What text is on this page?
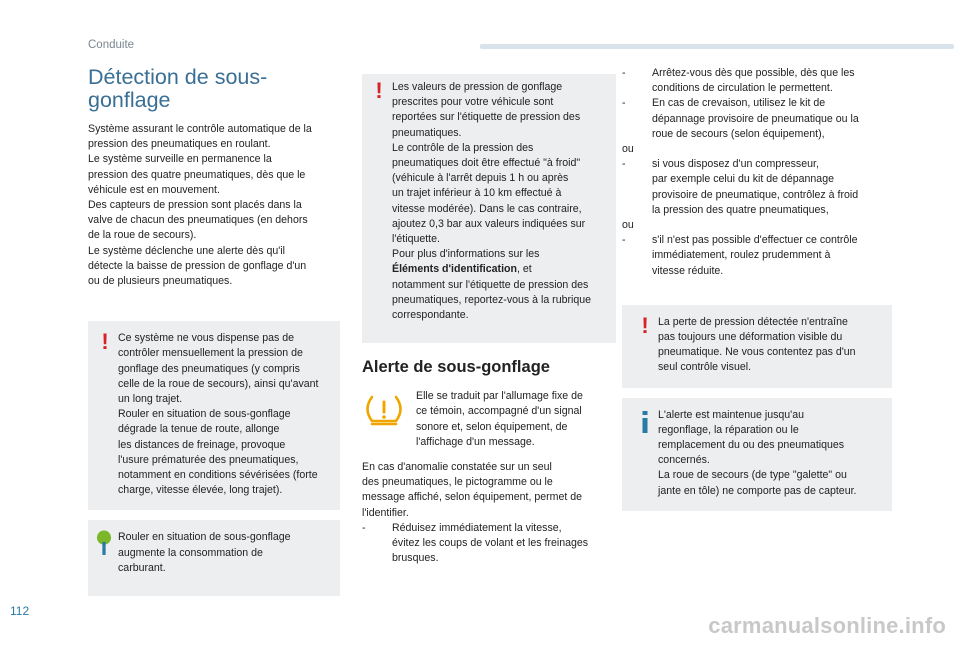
Conduite
Détection de sous-
gonflage
Système assurant le contrôle automatique de la
pression des pneumatiques en roulant.
Le système surveille en permanence la
pression des quatre pneumatiques, dès que le
véhicule est en mouvement.
Des capteurs de pression sont placés dans la
valve de chacun des pneumatiques (en dehors
de la roue de secours).
Le système déclenche une alerte dès qu'il
détecte la baisse de pression de gonflage d'un
ou de plusieurs pneumatiques.
! Ce système ne vous dispense pas de
contrôler mensuellement la pression de
gonflage des pneumatiques (y compris
celle de la roue de secours), ainsi qu'avant
un long trajet.
Rouler en situation de sous-gonflage
dégrade la tenue de route, allonge
les distances de freinage, provoque
l'usure prématurée des pneumatiques,
notamment en conditions sévérisées (forte
charge, vitesse élevée, long trajet).
Rouler en situation de sous-gonflage
augmente la consommation de
carburant.
! Les valeurs de pression de gonflage
prescrites pour votre véhicule sont
reportées sur l'étiquette de pression des
pneumatiques.
Le contrôle de la pression des
pneumatiques doit être effectué "à froid"
(véhicule à l'arrêt depuis 1 h ou après
un trajet inférieur à 10 km effectué à
vitesse modérée). Dans le cas contraire,
ajoutez 0,3 bar aux valeurs indiquées sur
l'étiquette.
Pour plus d'informations sur les
Éléments d'identification, et
notamment sur l'étiquette de pression des
pneumatiques, reportez-vous à la rubrique
correspondante.
Alerte de sous-gonflage
Elle se traduit par l'allumage fixe de
ce témoin, accompagné d'un signal
sonore et, selon équipement, de
l'affichage d'un message.
En cas d'anomalie constatée sur un seul
des pneumatiques, le pictogramme ou le
message affiché, selon équipement, permet de
l'identifier.
- Réduisez immédiatement la vitesse,
évitez les coups de volant et les freinages
brusques.
- Arrêtez-vous dès que possible, dès que les
conditions de circulation le permettent.
- En cas de crevaison, utilisez le kit de
dépannage provisoire de pneumatique ou la
roue de secours (selon équipement),
ou
- si vous disposez d'un compresseur,
par exemple celui du kit de dépannage
provisoire de pneumatique, contrôlez à froid
la pression des quatre pneumatiques,
ou
- s'il n'est pas possible d'effectuer ce contrôle
immédiatement, roulez prudemment à
vitesse réduite.
! La perte de pression détectée n'entraîne
pas toujours une déformation visible du
pneumatique. Ne vous contentez pas d'un
seul contrôle visuel.
L'alerte est maintenue jusqu'au
regonflage, la réparation ou le
remplacement du ou des pneumatiques
concernés.
La roue de secours (de type "galette" ou
jante en tôle) ne comporte pas de capteur.
112
carmanualsonline.info
